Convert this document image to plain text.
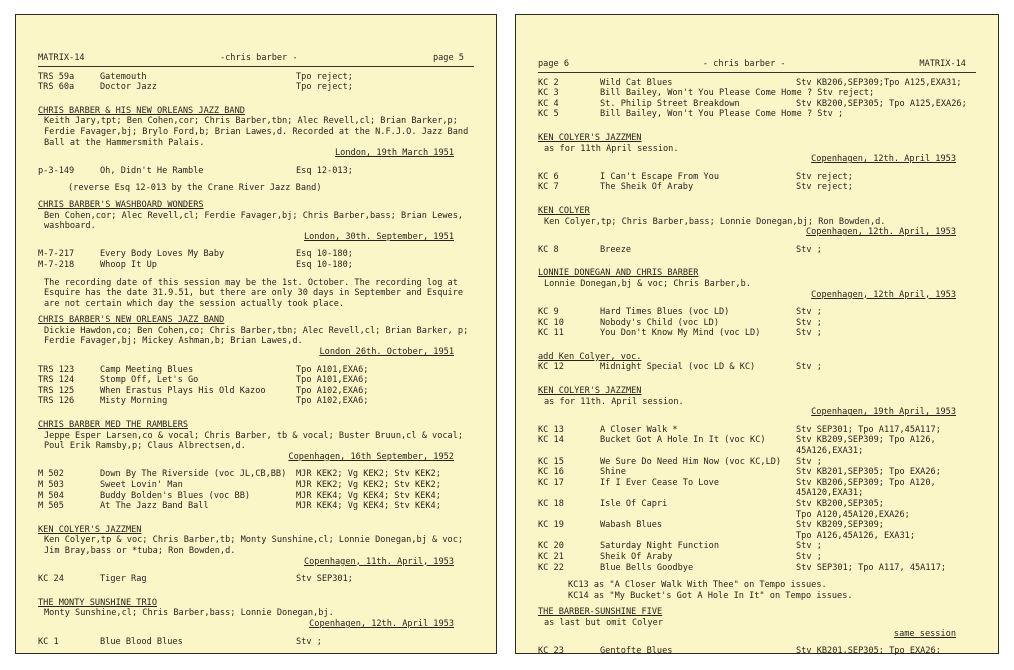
MATRIX-14	-chris barber -	page 5
TRS 59a	Gatemouth	Tpo reject;
TRS 60a	Doctor Jazz	Tpo reject;
CHRIS BARBER & HIS NEW ORLEANS JAZZ BAND
Keith Jary,tpt; Ben Cohen,cor; Chris Barber,tbn; Alec Revell,cl; Brian Barker,p; Ferdie Favager,bj; Brylo Ford,b; Brian Lawes,d. Recorded at the N.F.J.O. Jazz Band Ball at the Hammersmith Palais.
London, 19th March 1951
p-3-149	Oh, Didn't He Ramble	Esq 12-013;
(reverse Esq 12-013 by the Crane River Jazz Band)
CHRIS BARBER'S WASHBOARD WONDERS
Ben Cohen,cor; Alec Revell,cl; Ferdie Favager,bj; Chris Barber,bass; Brian Lewes, washboard.
London, 30th. September, 1951
M-7-217	Every Body Loves My Baby	Esq 10-180;
M-7-218	Whoop It Up	Esq 10-180;
The recording date of this session may be the 1st. October. The recording log at Esquire has the date 31.9.51, but there are only 30 days in September and Esquire are not certain which day the session actually took place.
CHRIS BARBER'S NEW ORLEANS JAZZ BAND
Dickie Hawdon,co; Ben Cohen,co; Chris Barber,tbn; Alec Revell,cl; Brian Barker, p; Ferdie Favager,bj; Mickey Ashman,b; Brian Lawes,d.
London 26th. October, 1951
TRS 123	Camp Meeting Blues	Tpo A101,EXA6;
TRS 124	Stomp Off, Let's Go	Tpo A101,EXA6;
TRS 125	When Erastus Plays His Old Kazoo	Tpo A102,EXA6;
TRS 126	Misty Morning	Tpo A102,EXA6;
CHRIS BARBER MED THE RAMBLERS
Jeppe Esper Larsen,co & vocal; Chris Barber, tb & vocal; Buster Bruun,cl & vocal; Poul Erik Ramsby,p; Claus Albrectsen,d.
Copenhagen, 16th September, 1952
M 502	Down By The Riverside (voc JL,CB,BB)	MJR KEK2; Vg KEK2; Stv KEK2;
M 503	Sweet Lovin' Man	MJR KEK2; Vg KEK2; Stv KEK2;
M 504	Buddy Bolden's Blues (voc BB)	MJR KEK4; Vg KEK4; Stv KEK4;
M 505	At The Jazz Band Ball	MJR KEK4; Vg KEK4; Stv KEK4;
KEN COLYER'S JAZZMEN
Ken Colyer,tp & voc; Chris Barber,tb; Monty Sunshine,cl; Lonnie Donegan,bj & voc; Jim Bray,bass or *tuba; Ron Bowden,d.
Copenhagen, 11th. April, 1953
KC 24	Tiger Rag	Stv SEP301;
THE MONTY SUNSHINE TRIO
Monty Sunshine,cl; Chris Barber,bass; Lonnie Donegan,bj.
Copenhagen, 12th. April 1953
KC 1	Blue Blood Blues	Stv ;
page 6	- chris barber -	MATRIX-14
KC 2	Wild Cat Blues	Stv KB206,SEP309;Tpo A125,EXA31;
KC 3	Bill Bailey, Won't You Please Come Home ? Stv reject;
KC 4	St. Philip Street Breakdown	Stv KB200,SEP305; Tpo A125,EXA26;
KC 5	Bill Bailey, Won't You Please Come Home ? Stv ;
KEN COLYER'S JAZZMEN
as for 11th April session.
Copenhagen, 12th. April 1953
KC 6	I Can't Escape From You	Stv reject;
KC 7	The Sheik Of Araby	Stv reject;
KEN COLYER
Ken Colyer,tp; Chris Barber,bass; Lonnie Donegan,bj; Ron Bowden,d.
Copenhagen, 12th. April, 1953
KC 8	Breeze	Stv ;
LONNIE DONEGAN AND CHRIS BARBER
Lonnie Donegan,bj & voc; Chris Barber,b.
Copenhagen, 12th April, 1953
KC 9	Hard Times Blues (voc LD)	Stv ;
KC 10	Nobody's Child (voc LD)	Stv ;
KC 11	You Don't Know My Mind (voc LD)	Stv ;
add Ken Colyer, voc.
KC 12	Midnight Special (voc LD & KC)	Stv ;
KEN COLYER'S JAZZMEN
as for 11th. April session.
Copenhagen, 19th April, 1953
KC 13	A Closer Walk *	Stv SEP301; Tpo A117,45A117;
KC 14	Bucket Got A Hole In It (voc KC)	Stv KB209,SEP309; Tpo A126,
45A126,EXA31;
KC 15	We Sure Do Need Him Now (voc KC,LD)	Stv ;
KC 16	Shine	Stv KB201,SEP305; Tpo EXA26;
KC 17	If I Ever Cease To Love	Stv KB206,SEP309; Tpo A120,
45A120,EXA31;
KC 18	Isle Of Capri	Stv KB200,SEP305;
Tpo A120,45A120,EXA26;
KC 19	Wabash Blues	Stv KB209,SEP309;
Tpo A126,45A126, EXA31;
KC 20	Saturday Night Function	Stv ;
KC 21	Sheik Of Araby	Stv ;
KC 22	Blue Bells Goodbye	Stv SEP301; Tpo A117, 45A117;
KC13 as "A Closer Walk With Thee" on Tempo issues.
KC14 as "My Bucket's Got A Hole In It" on Tempo issues.
THE BARBER-SUNSHINE FIVE
as last but omit Colyer
same session
KC 23	Gentofte Blues	Stv KB201,SEP305; Tpo EXA26;
